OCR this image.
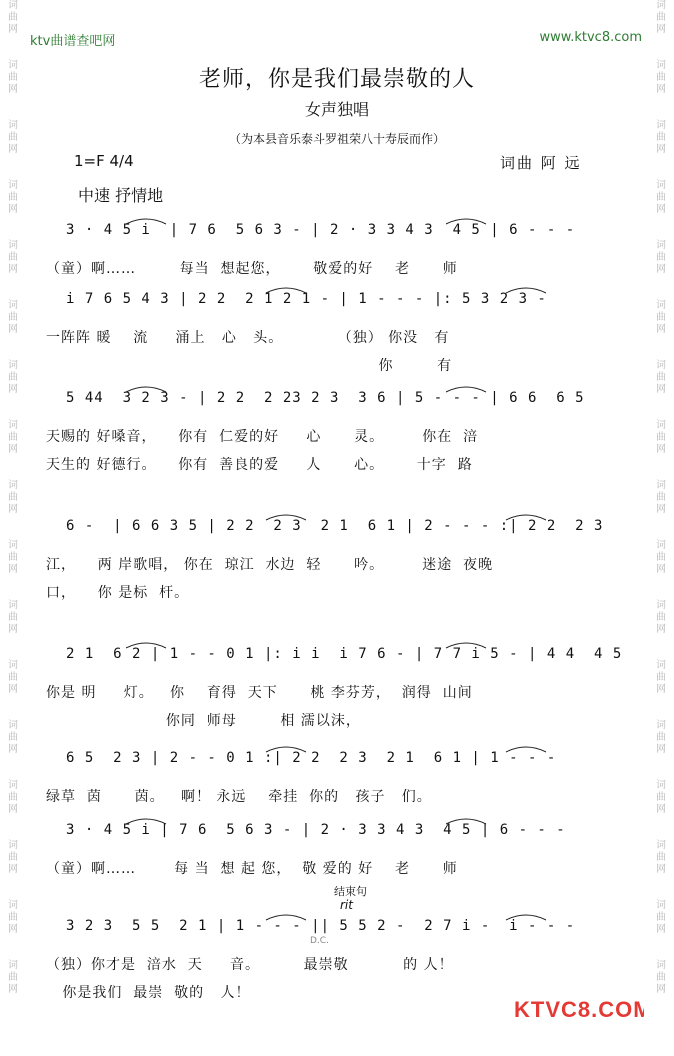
词
曲
网
词
曲
网
词
曲
网
词
曲
网
词
曲
网
词
曲
网
词
曲
网
词
曲
网
词
曲
网
词
曲
网
词
曲
网
词
曲
网
词
曲
网
词
曲
网
词
曲
网
词
曲
网
词
曲
网
词
曲
网
词
曲
网
词
曲
网
词
曲
网
词
曲
网
词
曲
网
词
曲
网
词
曲
网
词
曲
网
词
曲
网
词
曲
网
词
曲
网
词
曲
网
词
曲
网
词
曲
网
词
曲
网
词
曲
网
ktv曲谱查吧网	www.ktvc8.com
老师，你是我们最崇敬的人
女声独唱
（为本县音乐泰斗罗祖荣八十寿辰而作）
1=F 4/4	词曲 阿 远
中速 抒情地
3 · 4 5 i  | 7 6  5 6 3 - | 2 · 3 3 4 3  4 5 | 6 - - -
i 7 6 5 4 3 | 2 2  2 1 2 1 - | 1 - - - |: 5 3 2 3 -
5 44  3 2 3 - | 2 2  2 23 2 3  3 6 | 5 - - - | 6 6  6 5
6 -  | 6 6 3 5 | 2 2  2 3  2 1  6 1 | 2 - - - :| 2 2  2 3
2 1  6 2 | 1 - - 0 1 |: i i  i 7 6 - | 7 7 i 5 - | 4 4  4 5
6 5  2 3 | 2 - - 0 1 :| 2 2  2 3  2 1  6 1 | 1 - - -
3 · 4 5 i | 7 6  5 6 3 - | 2 · 3 3 4 3  4 5 | 6 - - -
3 2 3  5 5  2 1 | 1 - - - || 5 5 2 -  2 7 i -  i - - -
结束句
rit
D.C.
KTVC8.COM
（童）啊……        每当  想起您，      敬爱的好    老      师
一阵阵 暖    流     涌上   心   头。          （独） 你没   有
你        有
天赐的 好嗓音，    你有  仁爱的好     心      灵。       你在  涪
天生的 好德行。    你有  善良的爱     人      心。      十字  路
江，    两 岸歌唱， 你在  琼江  水边  轻      吟。       迷途  夜晚
口，    你 是标  杆。
你是 明     灯。   你    育得  天下      桃 李芬芳，  润得  山间
你同  师母        相 濡以沫，
绿草  茵      茵。   啊！ 永远    牵挂  你的   孩子   们。
（童）啊……       每 当  想 起 您，  敬 爱的 好    老      师
（独）你才是  涪水  天     音。        最崇敬          的 人！
你是我们  最崇  敬的   人！
